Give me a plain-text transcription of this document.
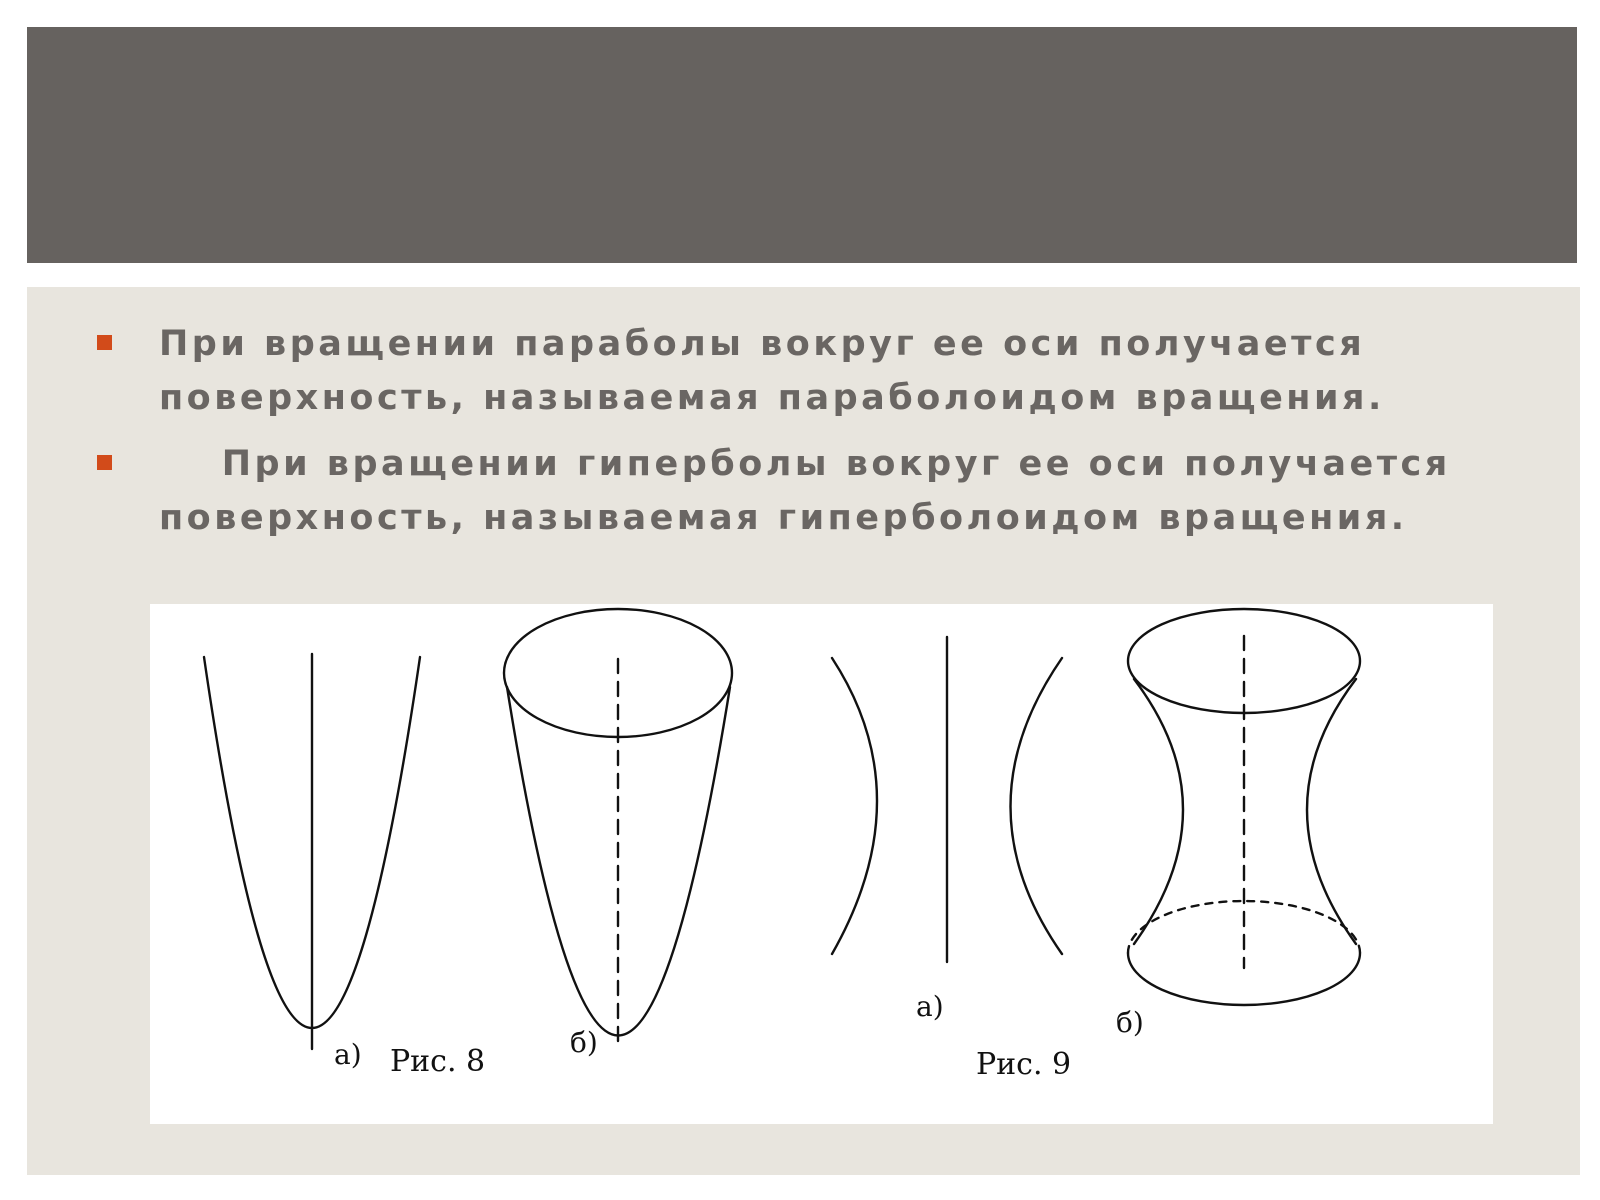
При вращении параболы вокруг ее оси получается поверхность, называемая параболоидом вращения.
При вращении гиперболы вокруг ее оси получается поверхность, называемая гиперболоидом вращения.
а) Рис. 8
б)
а)
Рис. 9
б)
